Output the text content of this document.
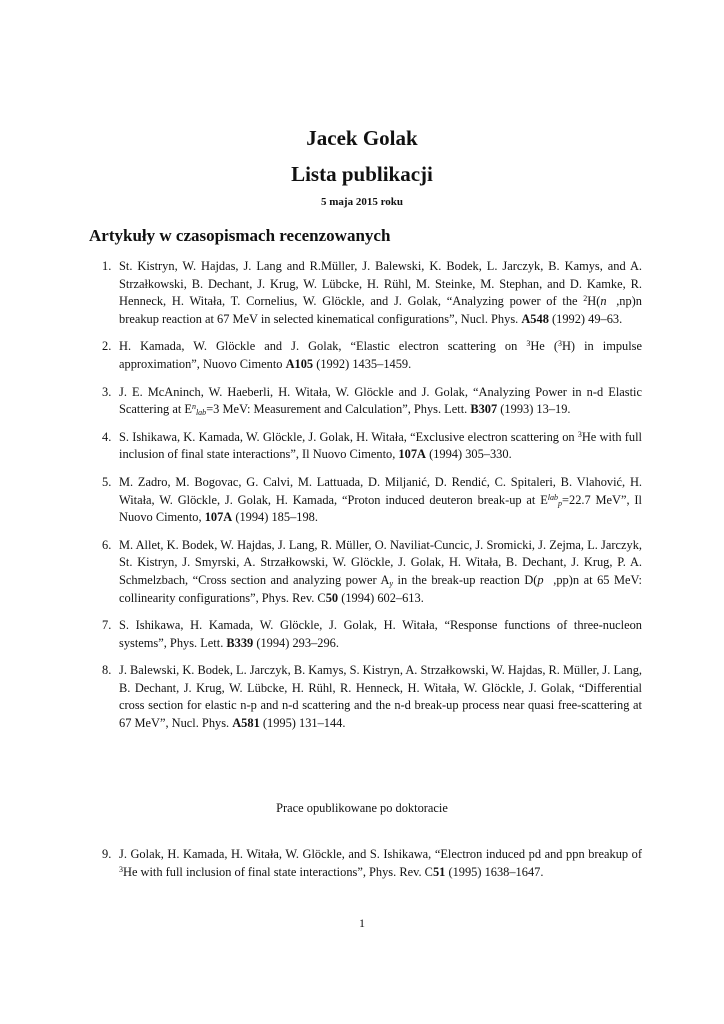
Jacek Golak
Lista publikacji
5 maja 2015 roku
Artykuły w czasopismach recenzowanych
1. St. Kistryn, W. Hajdas, J. Lang and R.Müller, J. Balewski, K. Bodek, L. Jarczyk, B. Kamys, and A. Strzałkowski, B. Dechant, J. Krug, W. Lübcke, H. Rühl, M. Steinke, M. Stephan, and D. Kamke, R. Henneck, H. Witała, T. Cornelius, W. Glöckle, and J. Golak, “Analyzing power of the $^2$H(n⃗,np)n breakup reaction at 67 MeV in selected kinematical configurations”, Nucl. Phys. A548 (1992) 49–63.
2. H. Kamada, W. Glöckle and J. Golak, “Elastic electron scattering on $^3$He ($^3$H) in impulse approximation”, Nuovo Cimento A105 (1992) 1435–1459.
3. J. E. McAninch, W. Haeberli, H. Witała, W. Glöckle and J. Golak, “Analyzing Power in n-d Elastic Scattering at $E^n_{lab}=3$ MeV: Measurement and Calculation”, Phys. Lett. B307 (1993) 13–19.
4. S. Ishikawa, K. Kamada, W. Glöckle, J. Golak, H. Witała, “Exclusive electron scattering on $^3$He with full inclusion of final state interactions”, Il Nuovo Cimento, 107A (1994) 305–330.
5. M. Zadro, M. Bogovac, G. Calvi, M. Lattuada, D. Miljanić, D. Rendić, C. Spitaleri, B. Vlahović, H. Witała, W. Glöckle, J. Golak, H. Kamada, “Proton induced deuteron break-up at $E^{lab}_p=22.7$ MeV”, Il Nuovo Cimento, 107A (1994) 185–198.
6. M. Allet, K. Bodek, W. Hajdas, J. Lang, R. Müller, O. Naviliat-Cuncic, J. Sromicki, J. Zejma, L. Jarczyk, St. Kistryn, J. Smyrski, A. Strzałkowski, W. Glöckle, J. Golak, H. Witała, B. Dechant, J. Krug, P. A. Schmelzbach, “Cross section and analyzing power $A_y$ in the break-up reaction D(p⃗,pp)n at 65 MeV: collinearity configurations”, Phys. Rev. C50 (1994) 602–613.
7. S. Ishikawa, H. Kamada, W. Glöckle, J. Golak, H. Witała, “Response functions of three-nucleon systems”, Phys. Lett. B339 (1994) 293–296.
8. J. Balewski, K. Bodek, L. Jarczyk, B. Kamys, S. Kistryn, A. Strzałkowski, W. Hajdas, R. Müller, J. Lang, B. Dechant, J. Krug, W. Lübcke, H. Rühl, R. Henneck, H. Witała, W. Glöckle, J. Golak, “Differential cross section for elastic n-p and n-d scattering and the n-d break-up process near quasi free-scattering at 67 MeV”, Nucl. Phys. A581 (1995) 131–144.
Prace opublikowane po doktoracie
9. J. Golak, H. Kamada, H. Witała, W. Glöckle, and S. Ishikawa, “Electron induced pd and ppn breakup of $^3$He with full inclusion of final state interactions”, Phys. Rev. C51 (1995) 1638–1647.
1
